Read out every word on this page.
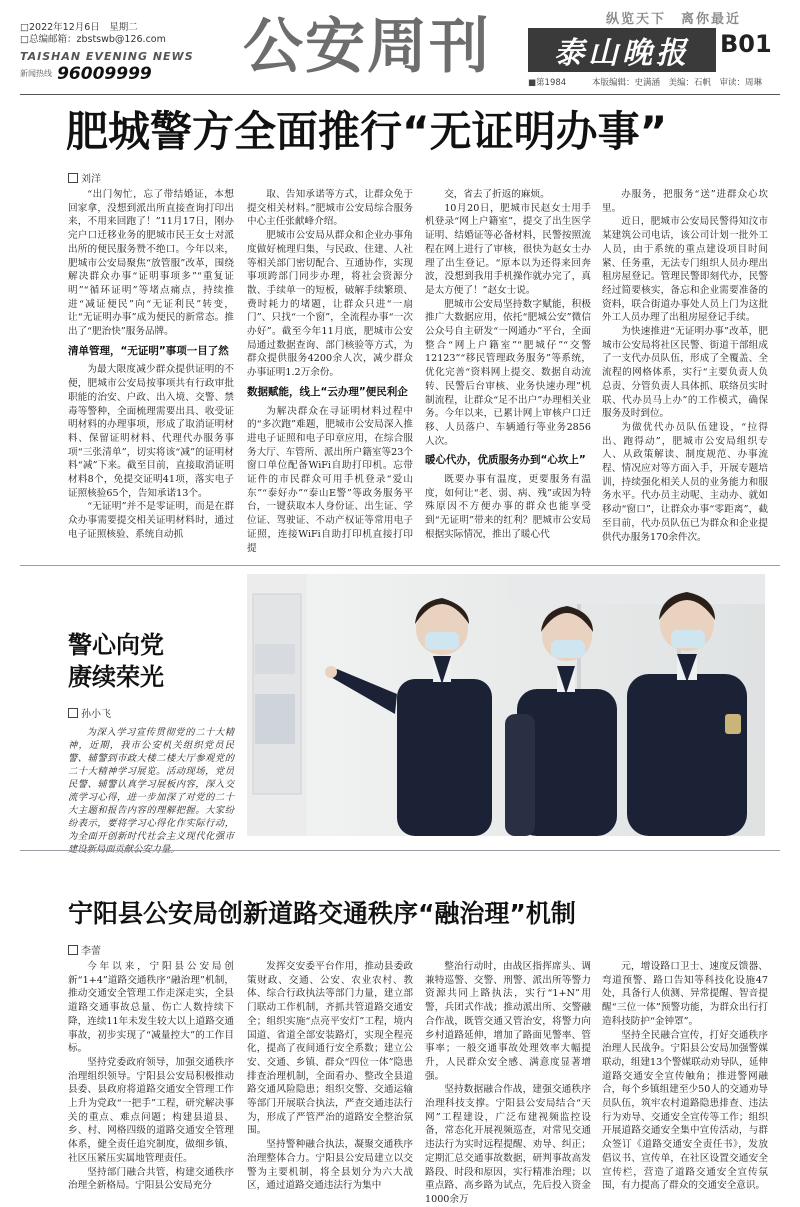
□2022年12月6日　星期二
□总编邮箱：zbstswb@126.com
TAISHAN EVENING NEWS
新闻热线 96009999 公安周刊	纵览天下　离你最近
泰山晚报 B01
■第1984	本版编辑：史满涵　美编：石帆　审读：周琳
肥城警方全面推行“无证明办事”
刘洋

“出门匆忙，忘了带结婚证，本想回家拿，没想到派出所直接查询打印出来，不用来回跑了！”11月17日，刚办完户口迁移业务的肥城市民王女士对派出所的便民服务赞不绝口。今年以来，肥城市公安局聚焦“放管服”改革，围绕解决群众办事“证明事项多”“重复证明”“循环证明”等堵点痛点，持续推进“减证便民”向“无证利民”转变，让“无证明办事”成为便民的新常态。推出了“肥治快”服务品牌。

清单管理，“无证明”事项一目了然

为最大限度减少群众提供证明的不便，肥城市公安局按事项共有行政审批职能的治安、户政、出入境、交警、禁毒等警种，全面梳理需要出具、收受证明材料的办理事项，形成了取消证明材料、保留证明材料、代理代办服务事项“三张清单”，切实将该“减”的证明材料“减”下来。截至目前，直接取消证明材料8个，免提交证明41项，落实电子证照核验65个，告知承诺13个。

“无证明”并不是零证明，而是在群众办事需要提交相关证明材料时，通过电子证照核验、系统自动抓

取、告知承诺等方式，让群众免于提交相关材料。”肥城市公安局综合服务中心主任张献峰介绍。

肥城市公安局从群众和企业办事角度做好梳理归集，与民政、住建、人社等相关部门密切配合、互通协作，实现事项跨部门同步办理，将社会资源分散、手续单一的短板，破解手续繁琐、费时耗力的堵题，让群众只进“一扇门”、只找“一个窗”，全流程办事“一次办好”。截至今年11月底，肥城市公安局通过数据查询、部门核验等方式，为群众提供服务4200余人次，减少群众办事证明1.2万余份。

数据赋能，线上“云办理”便民利企

为解决群众在寻证明材料过程中的“多次跑”难题，肥城市公安局深入推进电子证照和电子印章应用，在综合服务大厅、车管所、派出所户籍室等23个窗口单位配备WiFi自助打印机。忘带证件的市民群众可用手机登录“爱山东”“泰好办”“泰山E警”等政务服务平台，一键获取本人身份证、出生证、学位证、驾驶证、不动产权证等常用电子证照，连接WiFi自助打印机直接打印提

交，省去了折返的麻烦。

10月20日，肥城市民赵女士用手机登录“网上户籍室”，提交了出生医学证明、结婚证等必备材料，民警按照流程在网上进行了审核，很快为赵女士办理了出生登记。“原本以为还得来回奔波，没想到我用手机操作就办完了，真是太方便了！”赵女士说。

肥城市公安局坚持数字赋能，积极推广大数据应用，依托“肥城公安”微信公众号自主研发“一网通办”平台，全面整合“网上户籍室”“肥城仔”“交警12123”“移民管理政务服务”等系统，优化完善“资料网上提交、数据自动流转、民警后台审核、业务快速办理”机制流程，让群众“足不出户”办理相关业务。今年以来，已累计网上审核户口迁移、人员落户、车辆通行等业务2856人次。

暖心代办，优质服务办到“心坎上”

既要办事有温度，更要服务有温度，如何让“老、弱、病、残”或因为特殊原因不方便办事的群众也能享受到“无证明”带来的红利？肥城市公安局根据实际情况，推出了暖心代

办服务，把服务“送”进群众心坎里。

近日，肥城市公安局民警得知汶市某建筑公司电话，该公司计划一批外工人员，由于系统的重点建设项目时间紧、任务重，无法专门组织人员办理出租房屋登记。管理民警即刻代办，民警经过简要核实，备忘和企业需要准备的资料，联合街道办事处人员上门为这批外工人员办理了出租房屋登记手续。

为快速推进“无证明办事”改革，肥城市公安局将社区民警、街道干部组成了一支代办员队伍，形成了全覆盖、全流程的网格体系，实行“主要负责人负总责、分管负责人具体抓、联络员实时联、代办员马上办”的工作模式，确保服务及时到位。

为做优代办员队伍建设，“拉得出、跑得动”，肥城市公安局组织专人、从政策解读、制度规范、办事流程、情况应对等方面入手，开展专题培训，持续强化相关人员的业务能力和服务水平。代办员主动呢、主动办、就如移动“窗口”，让群众办事“零距离”，截至目前，代办员队伍已为群众和企业提供代办服务170余件次。

警心向党
赓续荣光
孙小飞

为深入学习宣传贯彻党的二十大精神，近期，我市公安机关组织党员民警、辅警到市政大楼二楼大厅参观党的二十大精神学习展览。活动现场，党员民警、辅警认真学习展板内容，深入交流学习心得，进一步加深了对党的二十大主题和报告内容的理解把握。大家纷纷表示，要将学习心得化作实际行动，为全面开创新时代社会主义现代化强市

宁阳县公安局创新道路交通秩序“融治理”机制
李蕾

今年以来，宁阳县公安局创新“1+4”道路交通秩序“融治理”机制，推动交通安全管理工作走深走实，全县道路交通事故总量、伤亡人数持续下降，连续11年未发生较大以上道路交通事故，初步实现了“减量控大”的工作目标。

坚持党委政府领导，加强交通秩序治理组织领导。宁阳县公安局积极推动县委、县政府将道路交通安全管理工作上升为党政“一把手”工程，研究解决事关的重点、难点问题；构建县道县、乡、村、网格四级的道路交通安全管理体系，健全责任追究制度，做细乡镇、社区压紧压实属地管理责任。

坚持部门融合共管，构建交通秩序治理全新格局。宁阳县公安局充分

发挥交安委平台作用，推动县委政策财政、交通、公安、农业农村、教体、综合行政执法等部门力量，建立部门联动工作机制，齐抓共管道路交通安全；组织实施“点亮平安灯”工程，境内国道、省道全部安装路灯，实现全程亮化，提高了夜间通行安全系数；建立公安、交通、乡镇、群众“四位一体”隐患排查治理机制，全面看办、整改全县道路交通风险隐患；组织交警、交通运输等部门开展联合执法，严查交通违法行为，形成了严管严治的道路安全整治氛围。

坚持警种融合执法，凝聚交通秩序治理整体合力。宁阳县公安局建立以交警为主要机制，将全县划分为六大战区，通过道路交通违法行为集中

整治行动时，由战区指挥席头、调兼特巡警、交警、刑警、派出所等警力资源共同上路执法，实行“1+N”用警，兵团式作战；推动派出所、交警融合作战，既管交通又管治安，将警力向乡村道路延伸，增加了路面见警率、管事率；一般交通事故处理效率大幅提升，人民群众安全感、满意度显著增强。

坚持数据融合作战，建强交通秩序治理科技支撑。宁阳县公安局结合“天网”工程建设，广泛布建视频监控设备，常态化开展视频巡查，对常见交通违法行为实时远程提醒、劝导、纠正；定期汇总交通事故数据，研判事故高发路段、时段和原因，实行精准治理；以重点路、高乡路为试点，先后投入资金1000余万

元，增设路口卫士、速度反馈器、弯道预警、路口告知等科技化设施47处，具备行人侦测、异常提醒、智音提醒“三位一体”预警功能，为群众出行打造科技防护“金钟罩”。

坚持全民融合宣传，打好交通秩序治理人民战争。宁阳县公安局加强警媒联动，组建13个警媒联动劝导队，延伸道路交通安全宣传触角；推进警网融合，每个乡镇组建至少50人的交通劝导员队伍，筑牢农村道路隐患排查、违法行为劝导、交通安全宣传等工作；组织开展道路交通安全集中宣传活动，与群众签订《道路交通安全责任书》，发放倡议书、宣传单，在社区设置交通安全宣传栏，营造了道路交通安全宣传氛围，有力提高了群众的交通安全意识。
